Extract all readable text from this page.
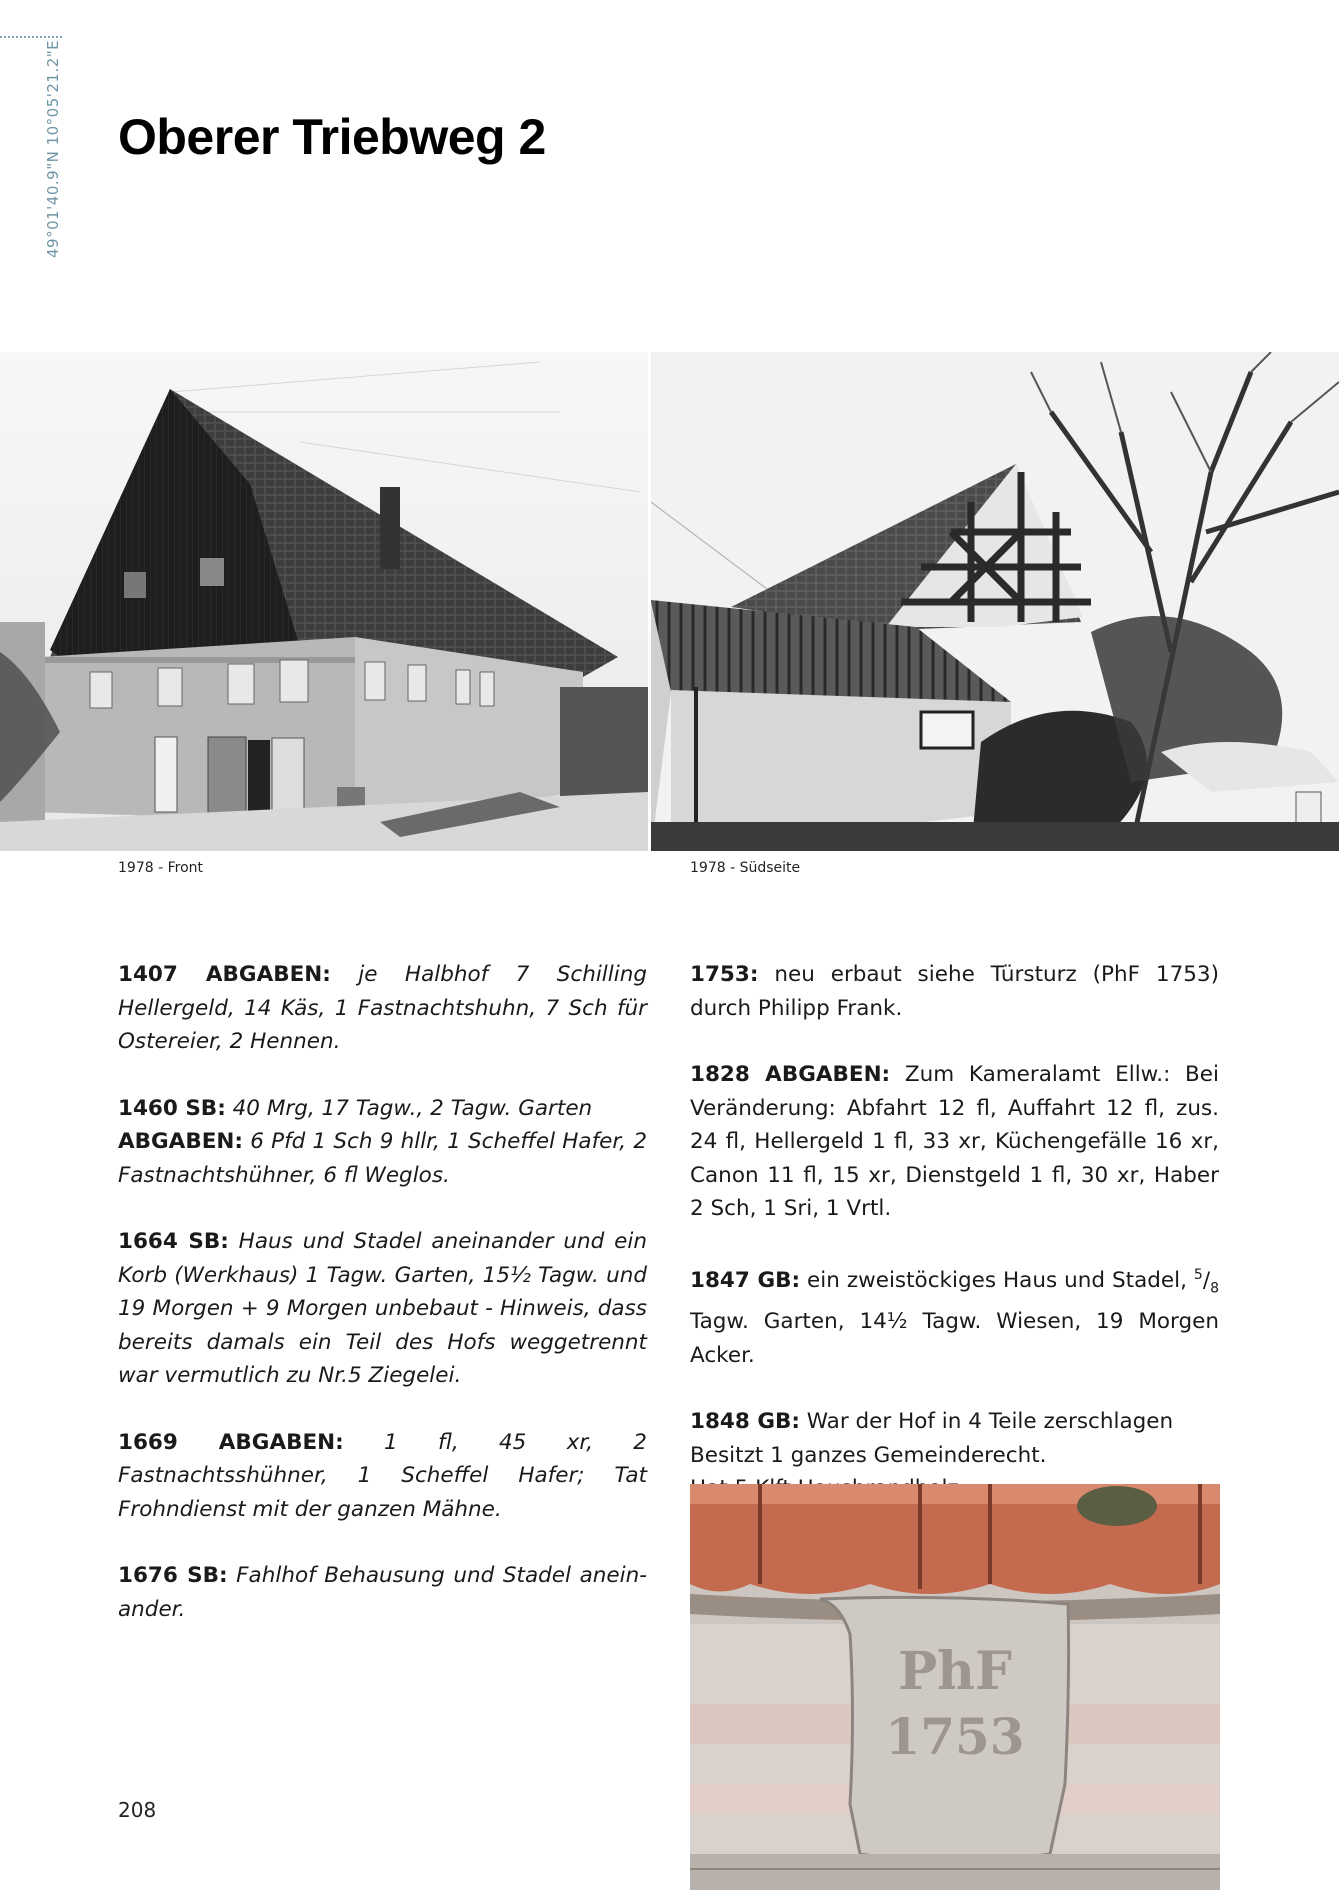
49°01'40.9"N 10°05'21.2"E Oberer Triebweg 2
1978 - Front	1978 - Südseite

1407 ABGABEN: je Halbhof 7 Schilling Hellergeld, 14 Käs, 1 Fastnachtshuhn, 7 Sch für Ostereier, 2 Hennen.

1460 SB: 40 Mrg, 17 Tagw., 2 Tagw. Garten
ABGABEN: 6 Pfd 1 Sch 9 hllr, 1 Scheffel Hafer, 2 Fastnachtshühner, 6 fl Weglos.

1664 SB: Haus und Stadel aneinander und ein Korb (Werkhaus) 1 Tagw. Garten, 15½ Tagw. und 19 Morgen + 9 Morgen unbebaut - Hinweis, dass bereits damals ein Teil des Hofs weggetrennt war vermutlich zu Nr.5 Ziegelei.

1669 ABGABEN: 1 fl, 45 xr, 2 Fastnachtsshühner, 1 Scheffel Hafer; Tat Frohndienst mit der ganzen Mähne.

1676 SB: Fahlhof Behausung und Stadel aneinander.

1753: neu erbaut siehe Türsturz (PhF 1753) durch Philipp Frank.

1828 ABGABEN: Zum Kameralamt Ellw.: Bei Veränderung: Abfahrt 12 fl, Auffahrt 12 fl, zus. 24 fl, Hellergeld 1 fl, 33 xr, Küchengefälle 16 xr, Canon 11 fl, 15 xr, Dienstgeld 1 fl, 30 xr, Haber 2 Sch, 1 Sri, 1 Vrtl.

1847 GB: ein zweistöckiges Haus und Stadel, $^5/_8$ Tagw. Garten, 14½ Tagw. Wiesen, 19 Morgen Acker.

1848 GB: War der Hof in 4 Teile zerschlagen
Besitzt 1 ganzes Gemeinderecht.

PhF
1753
208
